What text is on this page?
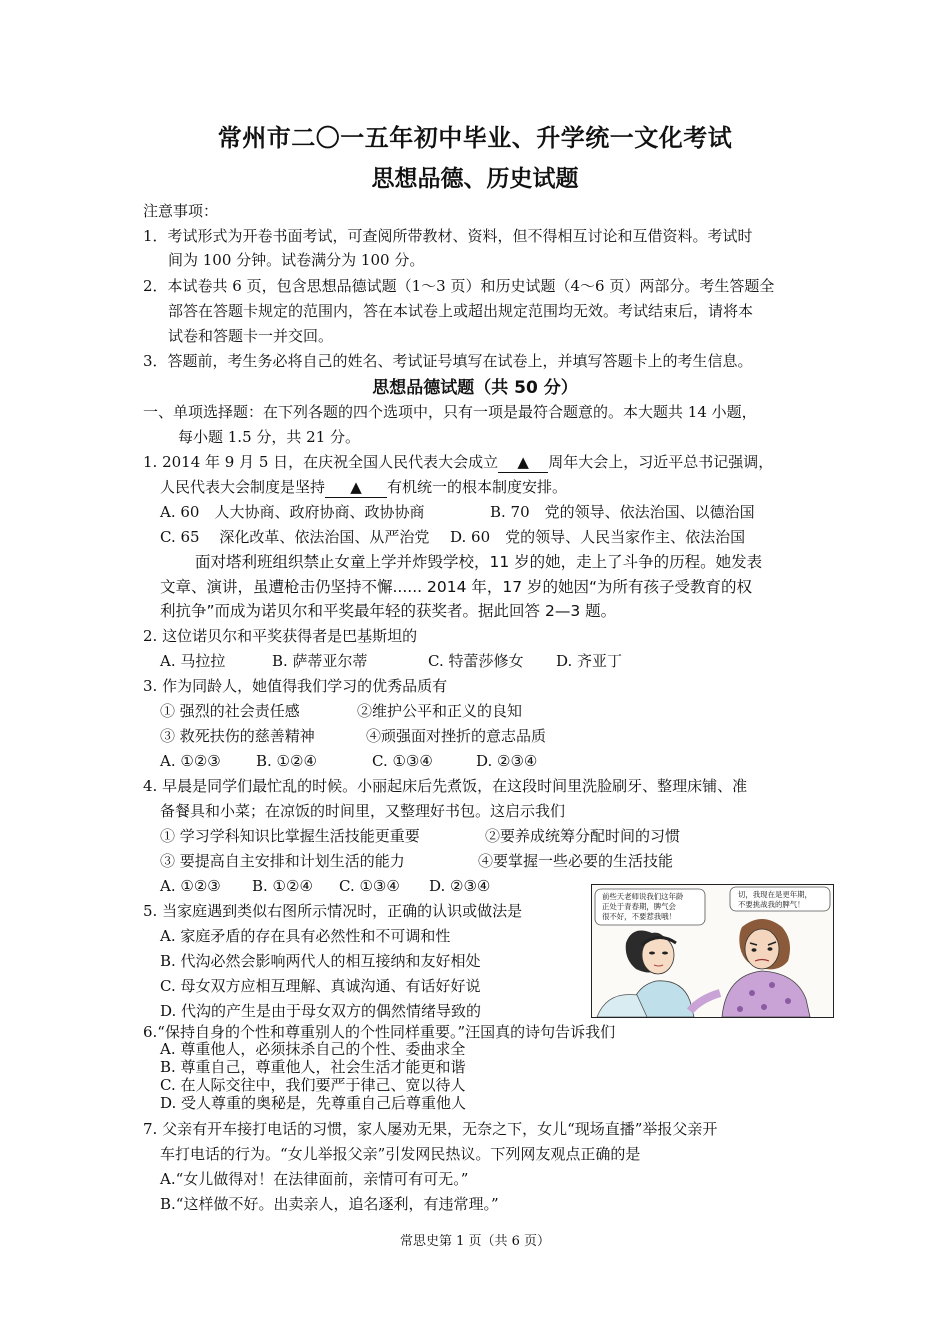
常州市二〇一五年初中毕业、升学统一文化考试
思想品德、历史试题
注意事项：
1．考试形式为开卷书面考试，可查阅所带教材、资料，但不得相互讨论和互借资料。考试时
间为 100 分钟。试卷满分为 100 分。
2．本试卷共 6 页，包含思想品德试题（1～3 页）和历史试题（4～6 页）两部分。考生答题全
部答在答题卡规定的范围内，答在本试卷上或超出规定范围均无效。考试结束后，请将本
试卷和答题卡一并交回。
3．答题前，考生务必将自己的姓名、考试证号填写在试卷上，并填写答题卡上的考生信息。
思想品德试题（共 50 分）
一、单项选择题：在下列各题的四个选项中，只有一项是最符合题意的。本大题共 14 小题，
每小题 1.5 分，共 21 分。
1. 2014 年 9 月 5 日，在庆祝全国人民代表大会成立 ▲ 周年大会上，习近平总书记强调，
人民代表大会制度是坚持 ▲ 有机统一的根本制度安排。
A. 60　人大协商、政府协商、政协协商	B. 70　党的领导、依法治国、以德治国
C. 65　 深化改革、依法治国、从严治党 D. 60　党的领导、人民当家作主、依法治国
面对塔利班组织禁止女童上学并炸毁学校，11 岁的她，走上了斗争的历程。她发表
文章、演讲，虽遭枪击仍坚持不懈...... 2014 年，17 岁的她因“为所有孩子受教育的权
利抗争”而成为诺贝尔和平奖最年轻的获奖者。据此回答 2—3 题。
2. 这位诺贝尔和平奖获得者是巴基斯坦的
A. 马拉拉	B. 萨蒂亚尔蒂	C. 特蕾莎修女 D. 齐亚丁
3. 作为同龄人，她值得我们学习的优秀品质有
① 强烈的社会责任感	②维护公平和正义的良知
③ 救死扶伤的慈善精神	④顽强面对挫折的意志品质
A. ①②③ B. ①②④	C. ①③④	D. ②③④
4. 早晨是同学们最忙乱的时候。小丽起床后先煮饭，在这段时间里洗脸刷牙、整理床铺、准
备餐具和小菜；在凉饭的时间里，又整理好书包。这启示我们
① 学习学科知识比掌握生活技能更重要	②要养成统筹分配时间的习惯
③ 要提高自主安排和计划生活的能力	④要掌握一些必要的生活技能
A. ①②③ B. ①②④ C. ①③④ D. ②③④
5. 当家庭遇到类似右图所示情况时，正确的认识或做法是
A. 家庭矛盾的存在具有必然性和不可调和性
B. 代沟必然会影响两代人的相互接纳和友好相处
C. 母女双方应相互理解、真诚沟通、有话好好说
D. 代沟的产生是由于母女双方的偶然情绪导致的
前些天老师说我们这年龄
正处于青春期，脾气会
很不好，不要惹我哦！
切，我现在是更年期，
不要挑战我的脾气！
6.“保持自身的个性和尊重别人的个性同样重要。”汪国真的诗句告诉我们
A. 尊重他人，必须抹杀自己的个性、委曲求全
B. 尊重自己，尊重他人，社会生活才能更和谐
C. 在人际交往中，我们要严于律己、宽以待人
D. 受人尊重的奥秘是，先尊重自己后尊重他人
7. 父亲有开车接打电话的习惯，家人屡劝无果，无奈之下，女儿“现场直播”举报父亲开
车打电话的行为。“女儿举报父亲”引发网民热议。下列网友观点正确的是
A.“女儿做得对！在法律面前，亲情可有可无。”
B.“这样做不好。出卖亲人，追名逐利，有违常理。”
常思史第 1 页（共 6 页）
